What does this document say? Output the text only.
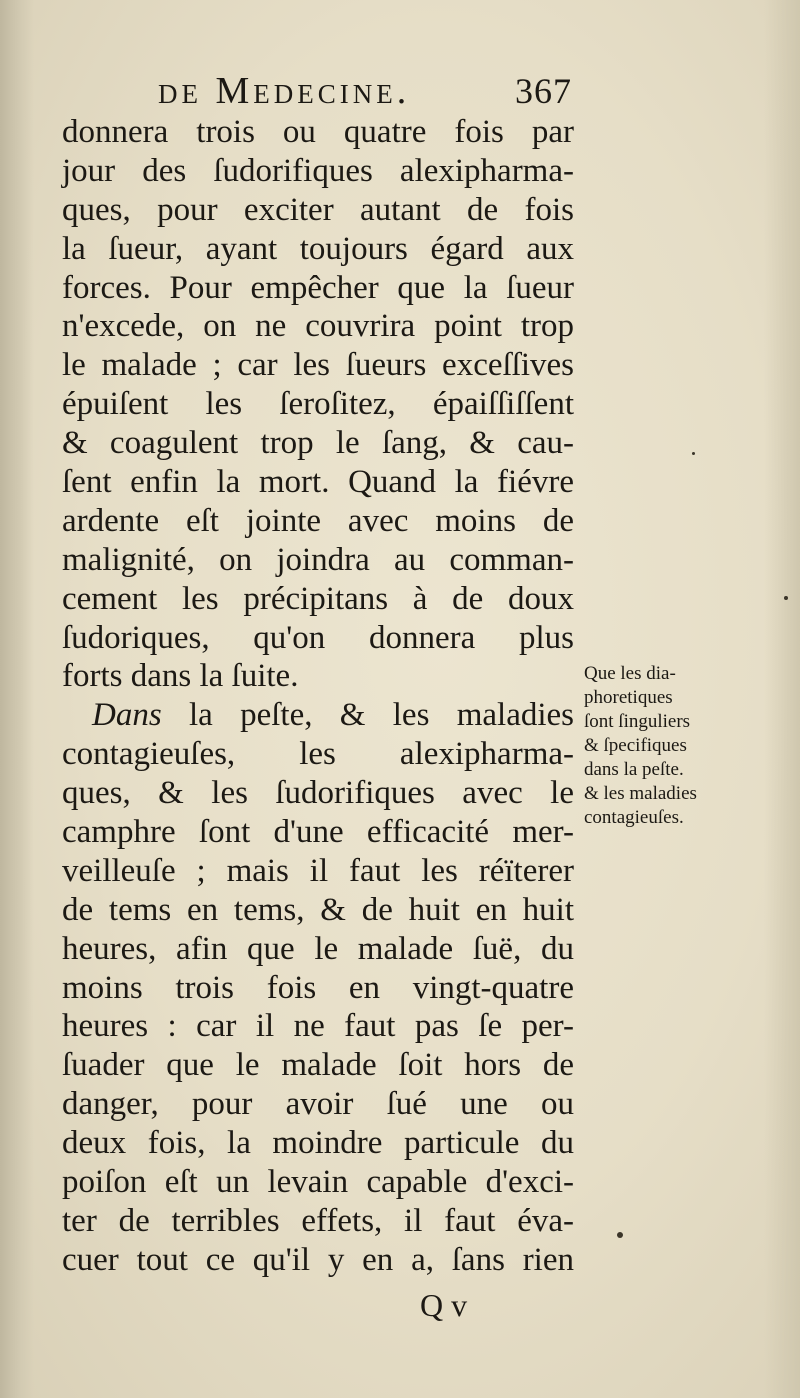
de Medecine.	367
donnera trois ou quatre fois par
jour des ſudorifiques alexipharma-
ques, pour exciter autant de fois
la ſueur, ayant toujours égard aux
forces. Pour empêcher que la ſueur
n'excede, on ne couvrira point trop
le malade ; car les ſueurs exceſſives
épuiſent les ſeroſitez, épaiſſiſſent
& coagulent trop le ſang, & cau-
ſent enfin la mort. Quand la fiévre
ardente eſt jointe avec moins de
malignité, on joindra au comman-
cement les précipitans à de doux
ſudoriques, qu'on donnera plus
forts dans la ſuite.
Dans la peſte, & les maladies
contagieuſes, les alexipharma-
ques, & les ſudorifiques avec le
camphre ſont d'une efficacité mer-
veilleuſe ; mais il faut les réïterer
de tems en tems, & de huit en huit
heures, afin que le malade ſuë, du
moins trois fois en vingt-quatre
heures : car il ne faut pas ſe per-
ſuader que le malade ſoit hors de
danger, pour avoir ſué une ou
deux fois, la moindre particule du
poiſon eſt un levain capable d'exci-
ter de terribles effets, il faut éva-
cuer tout ce qu'il y en a, ſans rien
Que les dia-
phoretiques
ſont ſinguliers
& ſpecifiques
dans la peſte.
& les maladies
contagieuſes.
Q v
